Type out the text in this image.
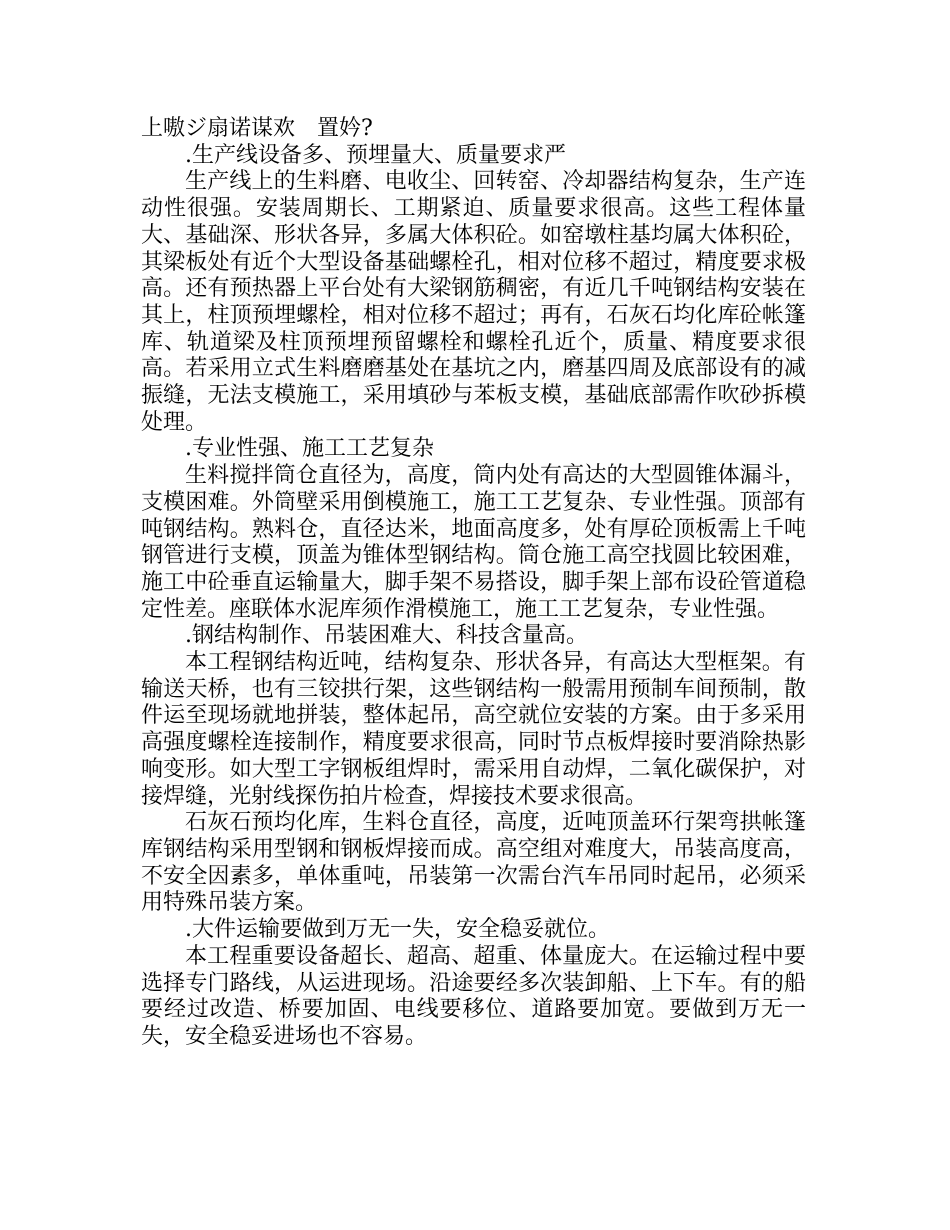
上嗷ジ扇诺谋欢　置妗?

.生产线设备多、预埋量大、质量要求严

生产线上的生料磨、电收尘、回转窑、冷却器结构复杂，生产连动性很强。安装周期长、工期紧迫、质量要求很高。这些工程体量大、基础深、形状各异，多属大体积砼。如窑墩柱基均属大体积砼，其梁板处有近个大型设备基础螺栓孔，相对位移不超过，精度要求极高。还有预热器上平台处有大梁钢筋稠密，有近几千吨钢结构安装在其上，柱顶预埋螺栓，相对位移不超过；再有，石灰石均化库砼帐篷库、轨道梁及柱顶预埋预留螺栓和螺栓孔近个，质量、精度要求很高。若采用立式生料磨磨基处在基坑之内，磨基四周及底部设有的减振缝，无法支模施工，采用填砂与苯板支模，基础底部需作吹砂拆模处理。

.专业性强、施工工艺复杂

生料搅拌筒仓直径为，高度，筒内处有高达的大型圆锥体漏斗，支模困难。外筒壁采用倒模施工，施工工艺复杂、专业性强。顶部有吨钢结构。熟料仓，直径达米，地面高度多，处有厚砼顶板需上千吨钢管进行支模，顶盖为锥体型钢结构。筒仓施工高空找圆比较困难，施工中砼垂直运输量大，脚手架不易搭设，脚手架上部布设砼管道稳定性差。座联体水泥库须作滑模施工，施工工艺复杂，专业性强。

.钢结构制作、吊装困难大、科技含量高。

本工程钢结构近吨，结构复杂、形状各异，有高达大型框架。有输送天桥，也有三铰拱行架，这些钢结构一般需用预制车间预制，散件运至现场就地拼装，整体起吊，高空就位安装的方案。由于多采用高强度螺栓连接制作，精度要求很高，同时节点板焊接时要消除热影响变形。如大型工字钢板组焊时，需采用自动焊，二氧化碳保护，对接焊缝，光射线探伤拍片检查，焊接技术要求很高。

石灰石预均化库，生料仓直径，高度，近吨顶盖环行架弯拱帐篷库钢结构采用型钢和钢板焊接而成。高空组对难度大，吊装高度高，不安全因素多，单体重吨，吊装第一次需台汽车吊同时起吊，必须采用特殊吊装方案。

.大件运输要做到万无一失，安全稳妥就位。

本工程重要设备超长、超高、超重、体量庞大。在运输过程中要选择专门路线，从运进现场。沿途要经多次装卸船、上下车。有的船要经过改造、桥要加固、电线要移位、道路要加宽。要做到万无一失，安全稳妥进场也不容易。
